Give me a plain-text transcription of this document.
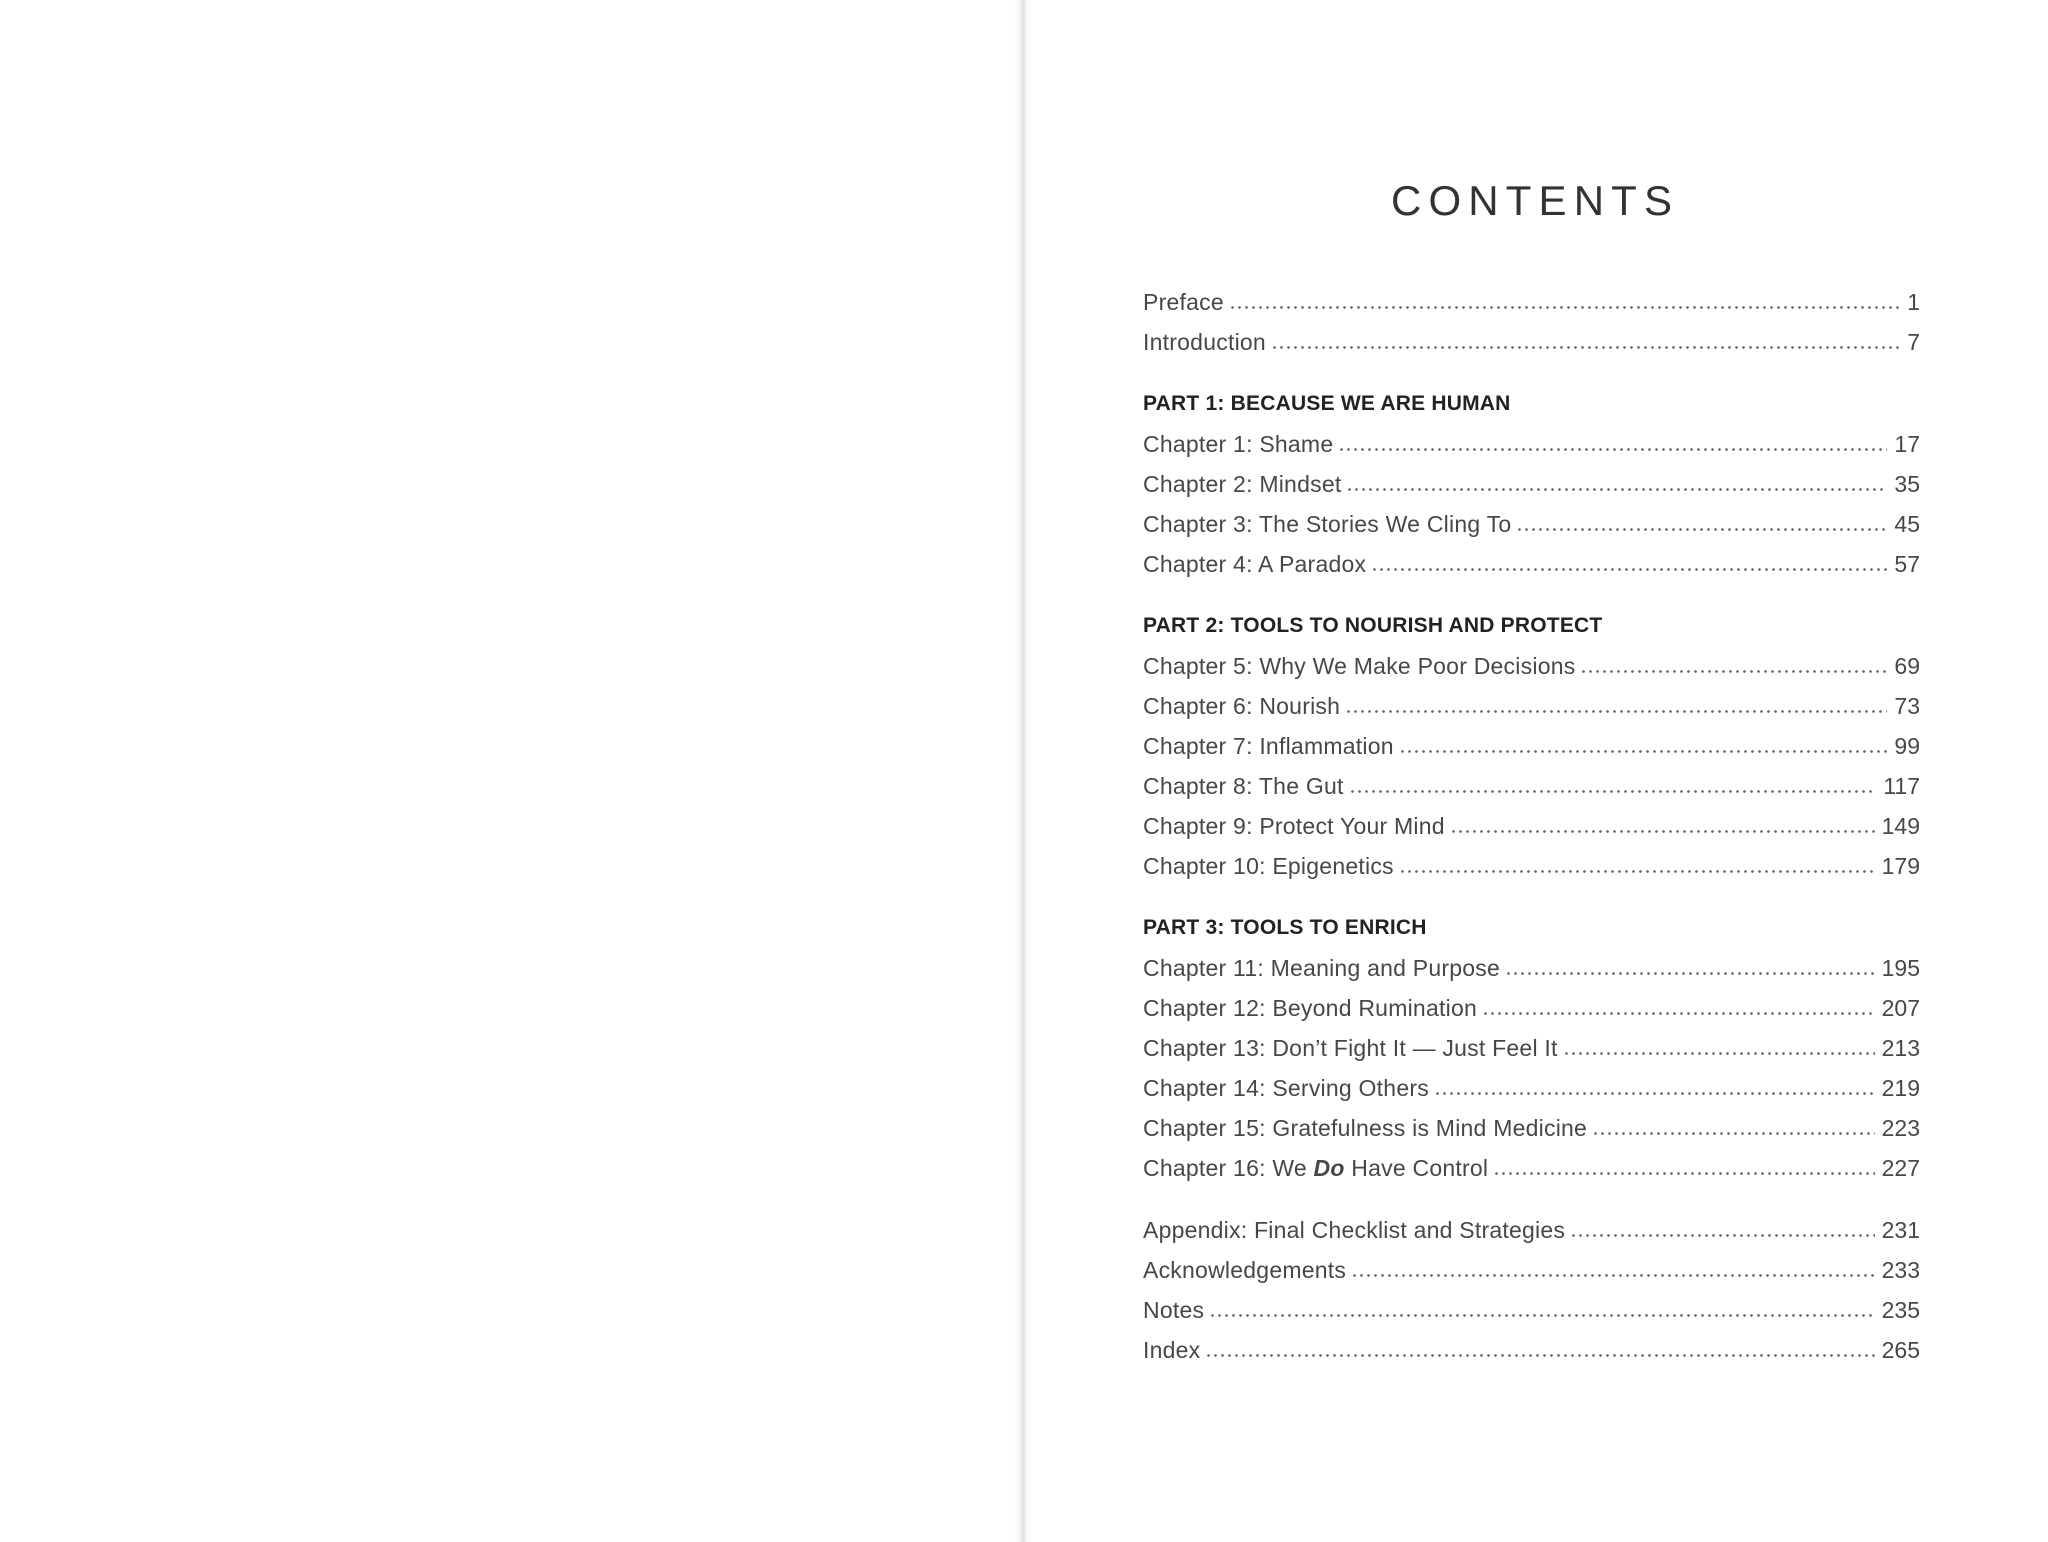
CONTENTS
Preface	1
Introduction	7
PART 1: BECAUSE WE ARE HUMAN
Chapter 1: Shame	17
Chapter 2: Mindset	35
Chapter 3: The Stories We Cling To	45
Chapter 4: A Paradox	57
PART 2: TOOLS TO NOURISH AND PROTECT
Chapter 5: Why We Make Poor Decisions	69
Chapter 6: Nourish	73
Chapter 7: Inflammation	99
Chapter 8: The Gut	117
Chapter 9: Protect Your Mind	149
Chapter 10: Epigenetics	179
PART 3: TOOLS TO ENRICH
Chapter 11: Meaning and Purpose	195
Chapter 12: Beyond Rumination	207
Chapter 13: Don’t Fight It — Just Feel It	213
Chapter 14: Serving Others	219
Chapter 15: Gratefulness is Mind Medicine	223
Chapter 16: We Do Have Control	227
Appendix: Final Checklist and Strategies	231
Acknowledgements	233
Notes	235
Index	265
